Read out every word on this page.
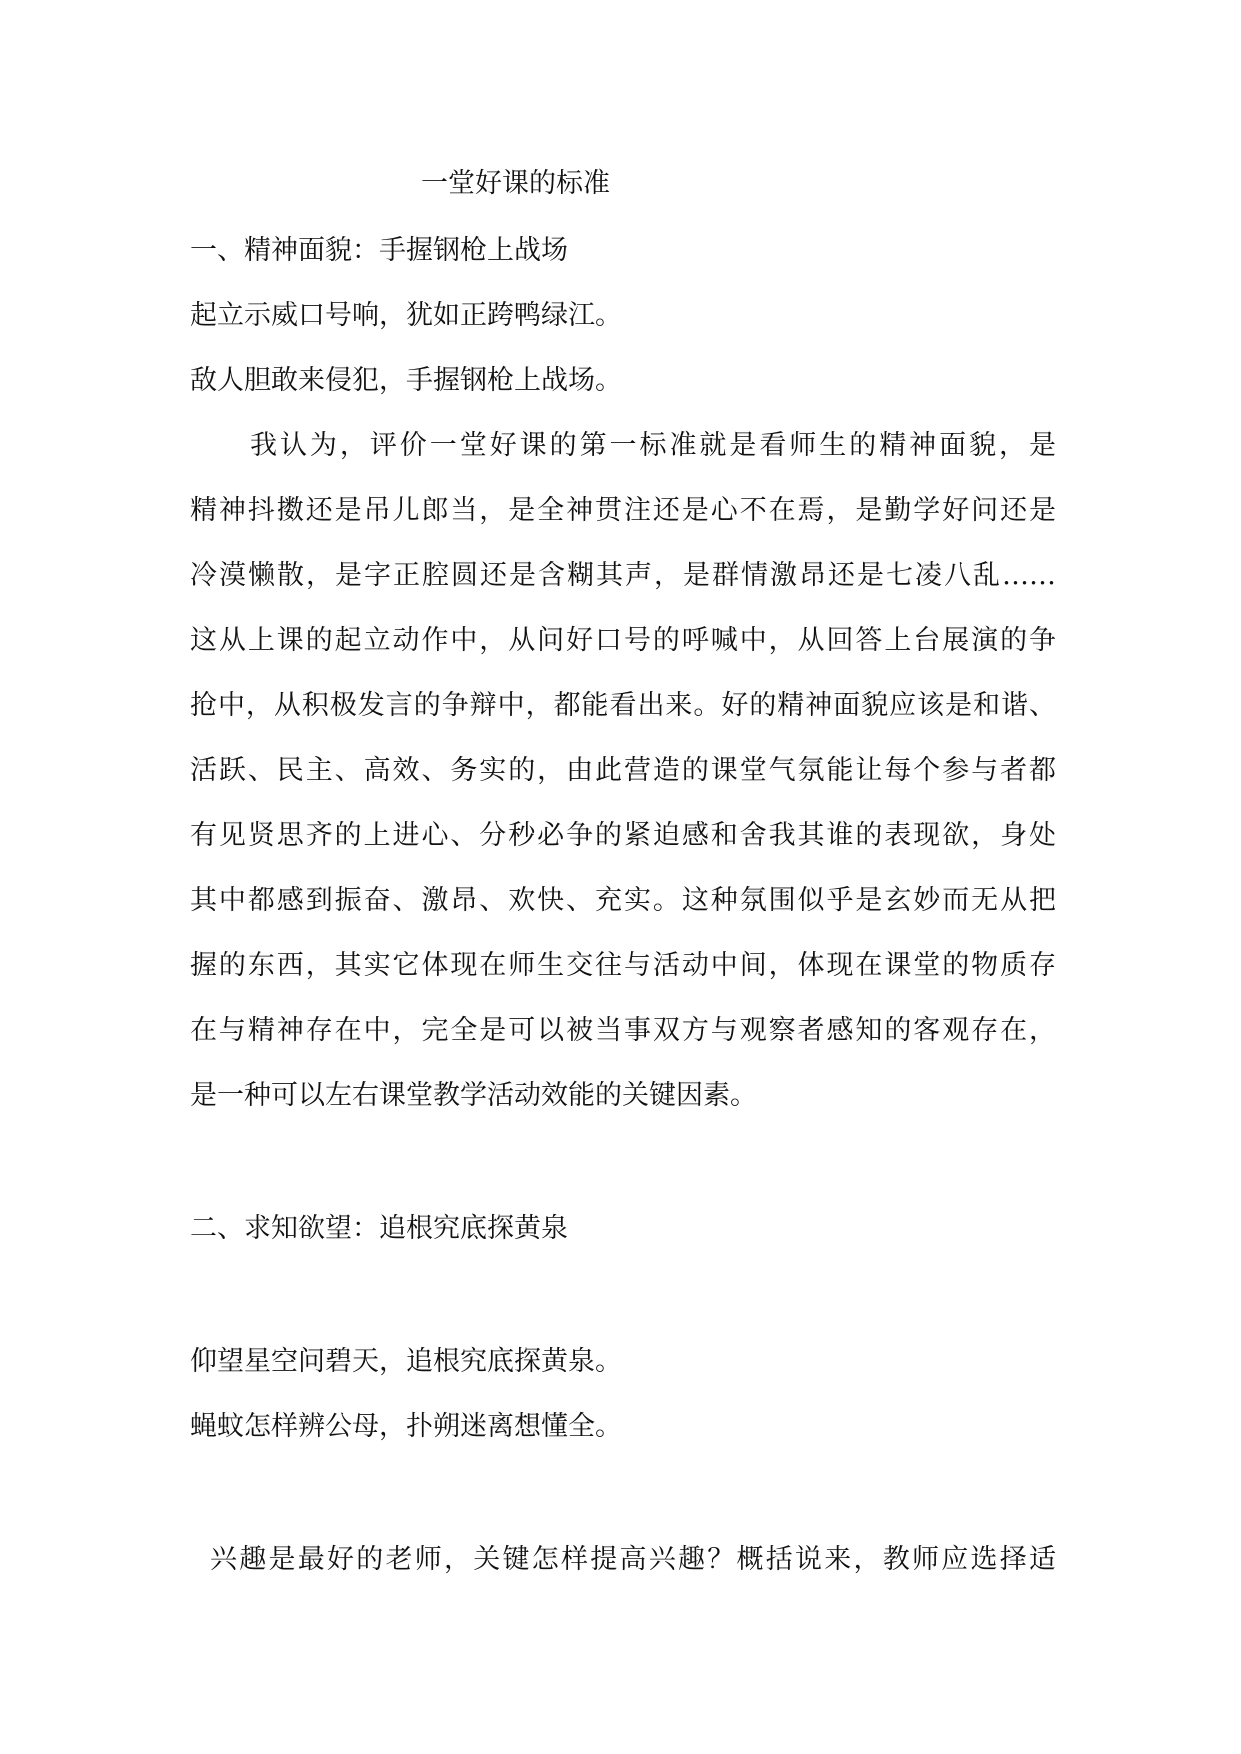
一堂好课的标准
一、精神面貌：手握钢枪上战场
起立示威口号响，犹如正跨鸭绿江。
敌人胆敢来侵犯，手握钢枪上战场。
我认为，评价一堂好课的第一标准就是看师生的精神面貌，是
精神抖擞还是吊儿郎当，是全神贯注还是心不在焉，是勤学好问还是
冷漠懒散，是字正腔圆还是含糊其声，是群情激昂还是七凌八乱……
这从上课的起立动作中，从问好口号的呼喊中，从回答上台展演的争
抢中，从积极发言的争辩中，都能看出来。好的精神面貌应该是和谐、
活跃、民主、高效、务实的，由此营造的课堂气氛能让每个参与者都
有见贤思齐的上进心、分秒必争的紧迫感和舍我其谁的表现欲，身处
其中都感到振奋、激昂、欢快、充实。这种氛围似乎是玄妙而无从把
握的东西，其实它体现在师生交往与活动中间，体现在课堂的物质存
在与精神存在中，完全是可以被当事双方与观察者感知的客观存在，
是一种可以左右课堂教学活动效能的关键因素。
二、求知欲望：追根究底探黄泉
仰望星空问碧天，追根究底探黄泉。
蝇蚊怎样辨公母，扑朔迷离想懂全。
兴趣是最好的老师，关键怎样提高兴趣？概括说来，教师应选择适
